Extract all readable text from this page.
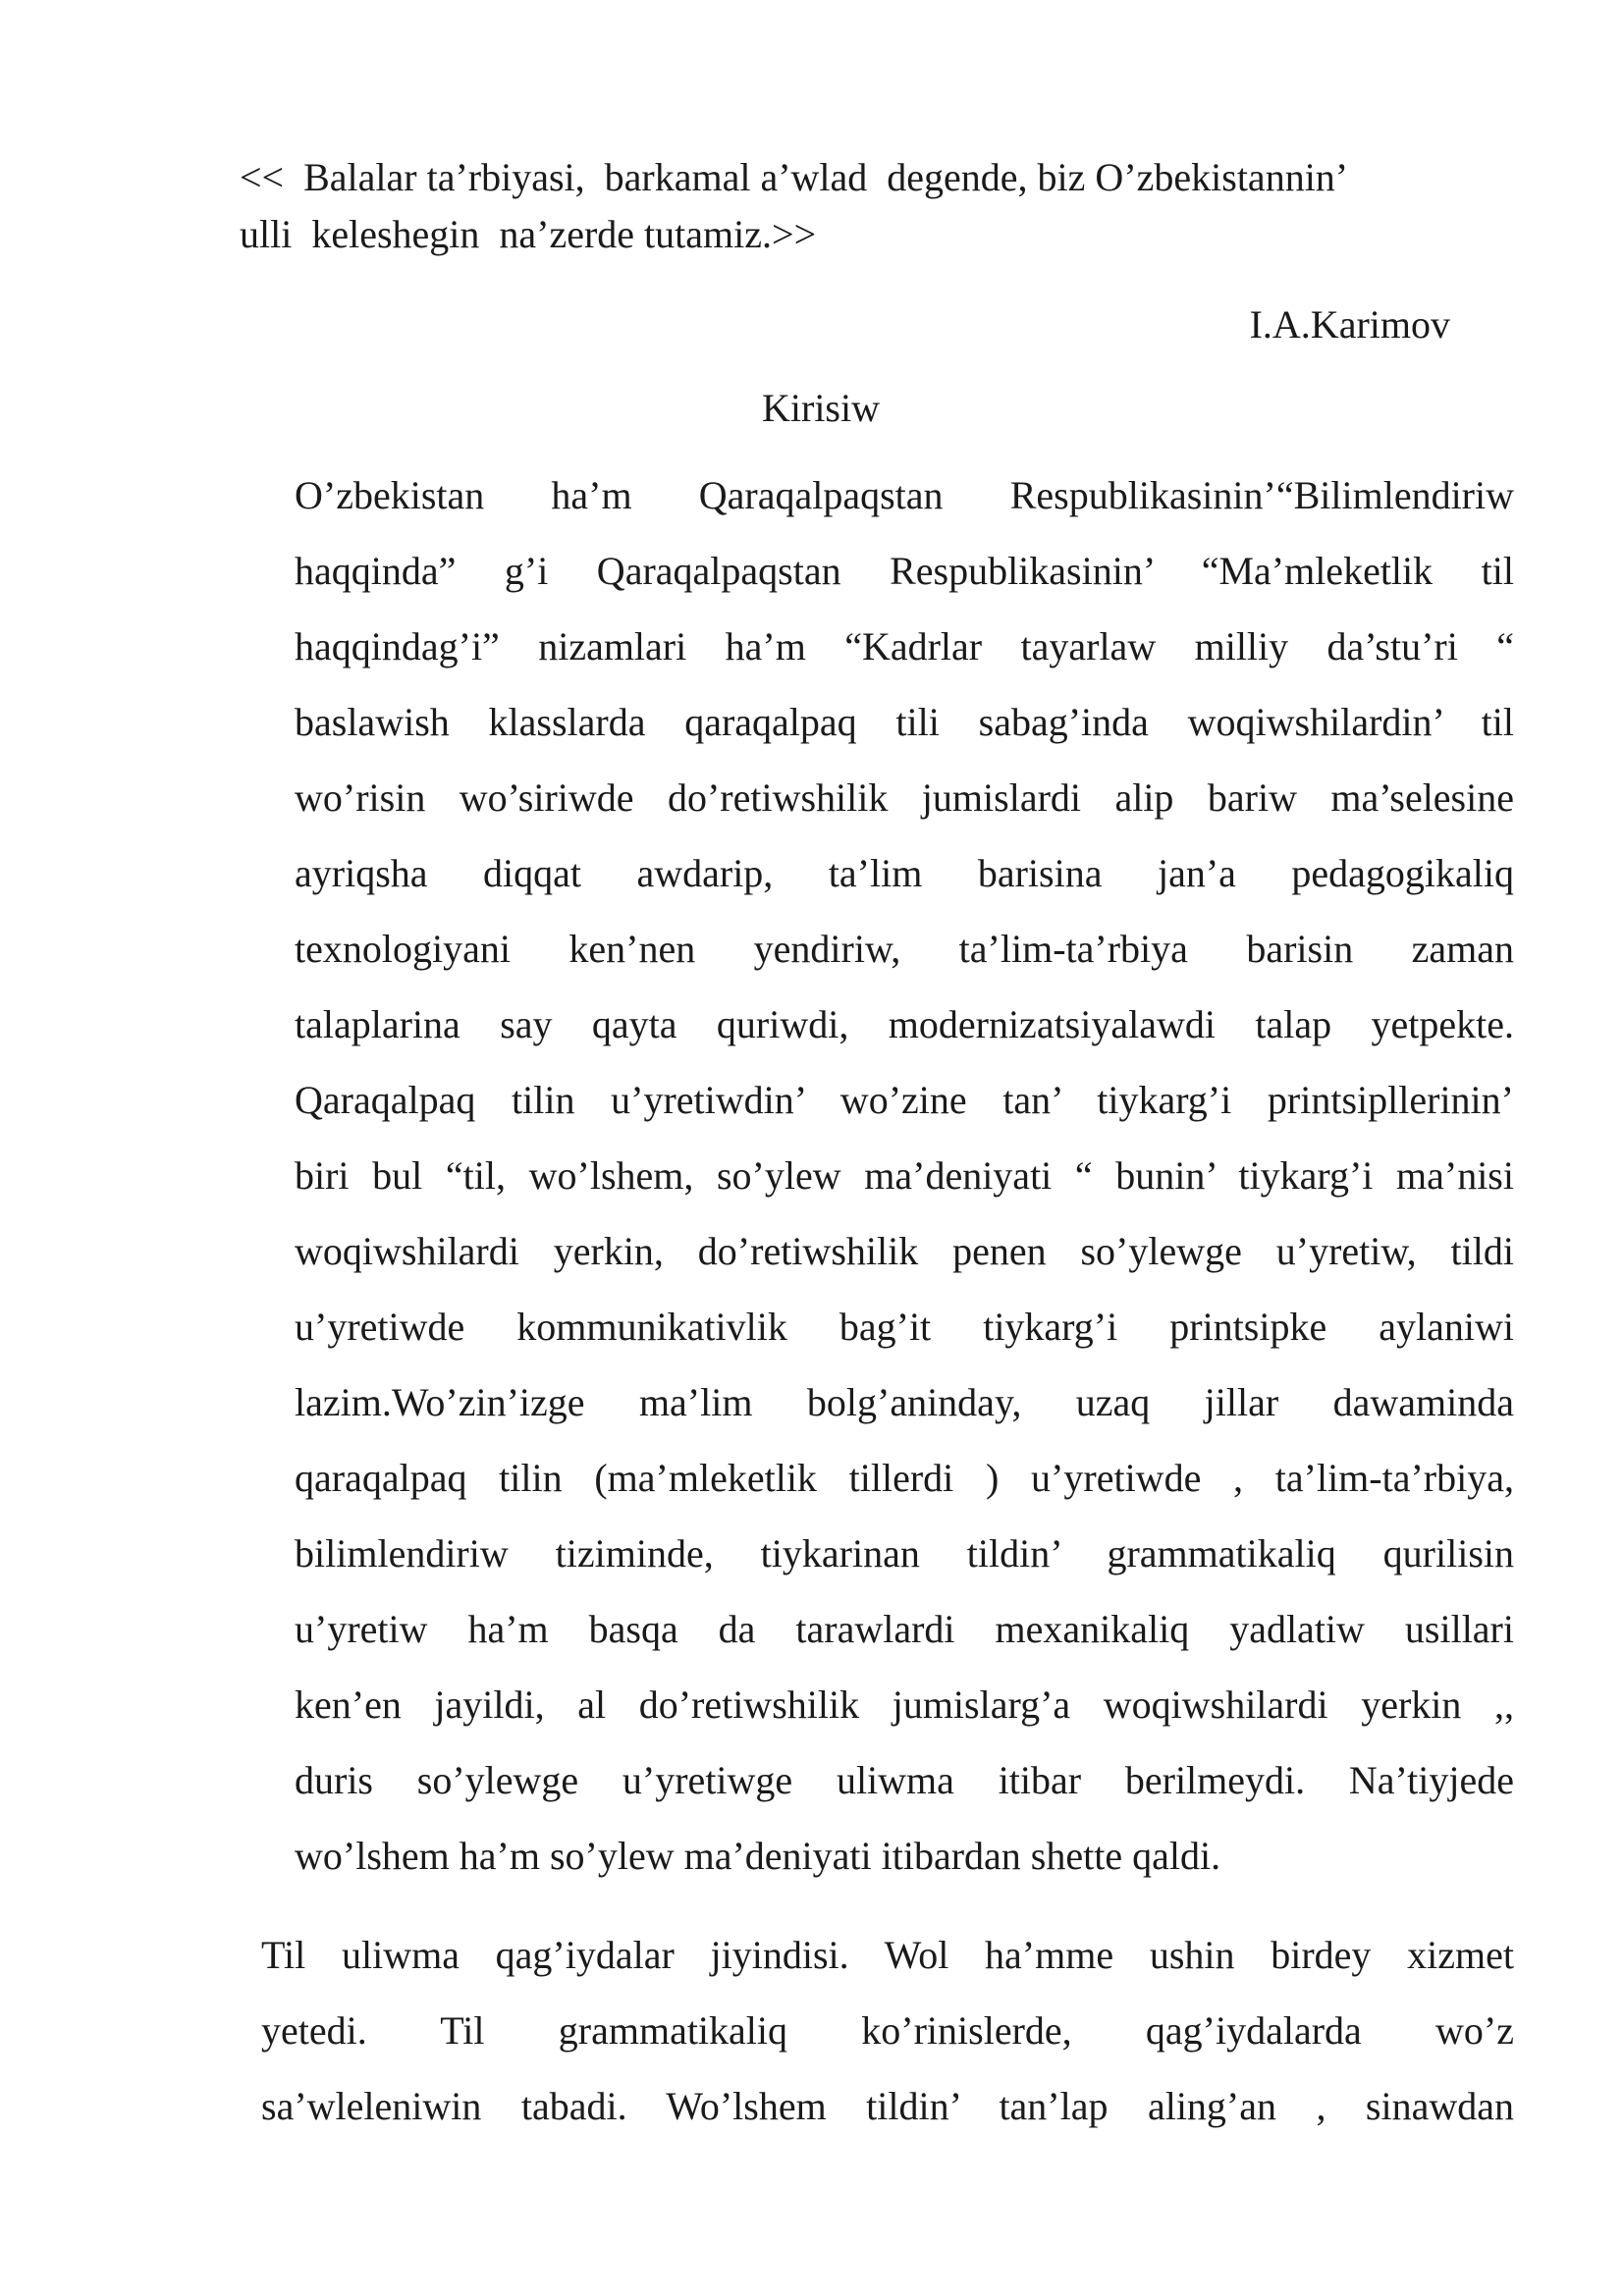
<<  Balalar ta’rbiyasi,  barkamal a’wlad  degende, biz O’zbekistannin’
ulli  keleshegin  na’zerde tutamiz.>>
I.A.Karimov
Kirisiw

O’zbekistan ha’m Qaraqalpaqstan Respublikasinin’“Bilimlendiriw
haqqinda” g’i Qaraqalpaqstan Respublikasinin’ “Ma’mleketlik til
haqqindag’i” nizamlari ha’m “Kadrlar tayarlaw milliy da’stu’ri “
baslawish klasslarda qaraqalpaq tili sabag’inda woqiwshilardin’ til
wo’risin wo’siriwde do’retiwshilik jumislardi alip bariw ma’selesine
ayriqsha diqqat awdarip, ta’lim barisina jan’a pedagogikaliq
texnologiyani ken’nen yendiriw, ta’lim-ta’rbiya barisin zaman
talaplarina say qayta quriwdi, modernizatsiyalawdi talap yetpekte.
Qaraqalpaq tilin u’yretiwdin’ wo’zine tan’ tiykarg’i printsipllerinin’
biri bul “til, wo’lshem, so’ylew ma’deniyati “ bunin’ tiykarg’i ma’nisi
woqiwshilardi yerkin, do’retiwshilik penen so’ylewge u’yretiw, tildi
u’yretiwde kommunikativlik bag’it tiykarg’i printsipke aylaniwi
lazim.Wo’zin’izge ma’lim bolg’aninday, uzaq jillar dawaminda
qaraqalpaq tilin (ma’mleketlik tillerdi ) u’yretiwde , ta’lim-ta’rbiya,
bilimlendiriw tiziminde, tiykarinan tildin’ grammatikaliq qurilisin
u’yretiw ha’m basqa da tarawlardi mexanikaliq yadlatiw usillari
ken’en jayildi, al do’retiwshilik jumislarg’a woqiwshilardi yerkin ,,
duris so’ylewge u’yretiwge uliwma itibar berilmeydi. Na’tiyjede
wo’lshem ha’m so’ylew ma’deniyati itibardan shette qaldi.

Til uliwma qag’iydalar jiyindisi. Wol ha’mme ushin birdey xizmet
yetedi. Til grammatikaliq ko’rinislerde, qag’iydalarda wo’z
sa’wleleniwin tabadi. Wo’lshem tildin’ tan’lap aling’an , sinawdan
